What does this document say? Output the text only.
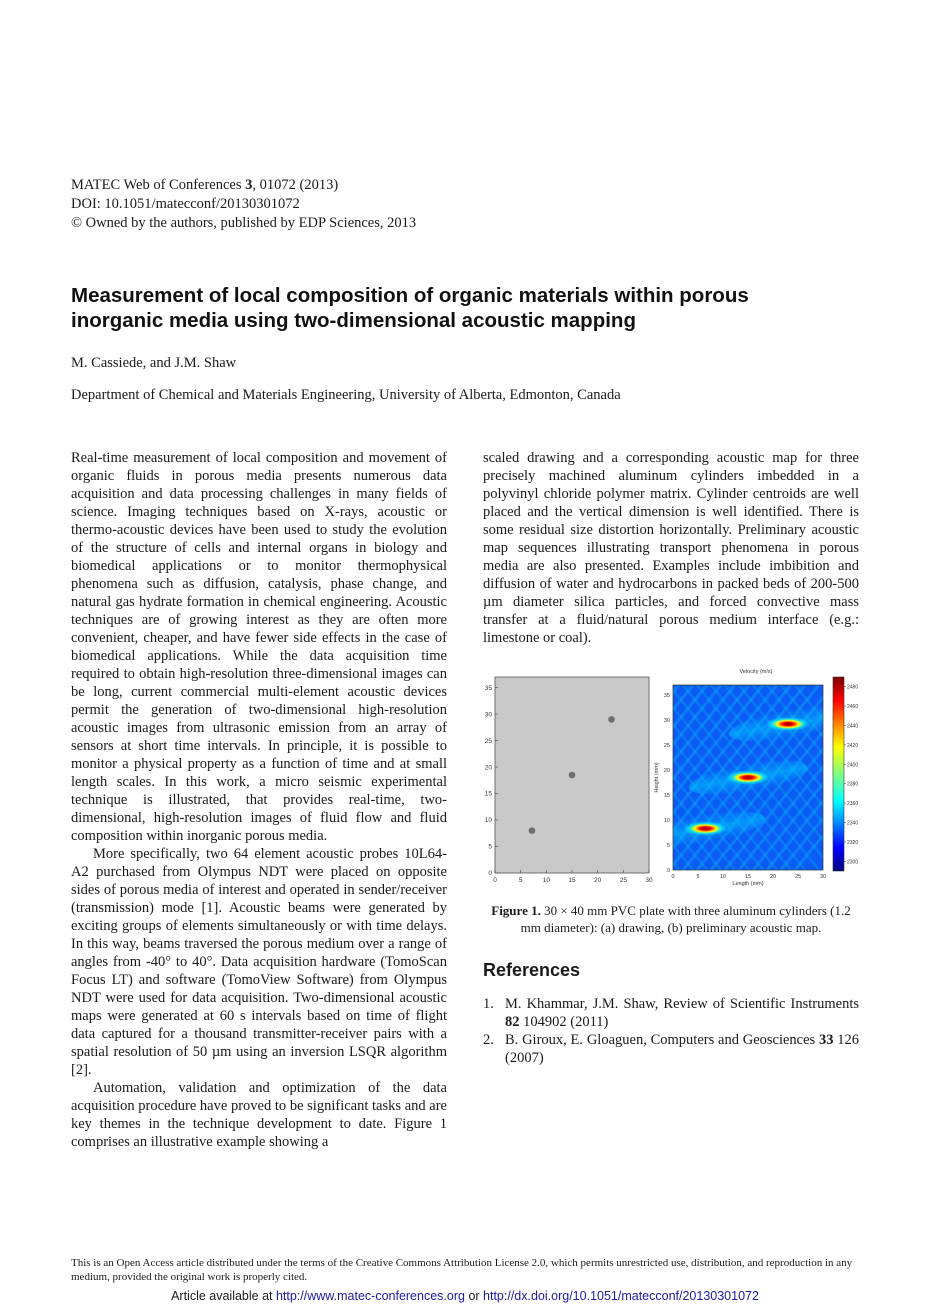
MATEC Web of Conferences 3, 01072 (2013)
DOI: 10.1051/matecconf/20130301072
© Owned by the authors, published by EDP Sciences, 2013
Measurement of local composition of organic materials within porous
inorganic media using two-dimensional acoustic mapping
M. Cassiede, and J.M. Shaw
Department of Chemical and Materials Engineering, University of Alberta, Edmonton, Canada

Real-time measurement of local composition and movement of organic fluids in porous media presents numerous data acquisition and data processing challenges in many fields of science. Imaging techniques based on X-rays, acoustic or thermo-acoustic devices have been used to study the evolution of the structure of cells and internal organs in biology and biomedical applications or to monitor thermophysical phenomena such as diffusion, catalysis, phase change, and natural gas hydrate formation in chemical engineering. Acoustic techniques are of growing interest as they are often more convenient, cheaper, and have fewer side effects in the case of biomedical applications. While the data acquisition time required to obtain high-resolution three-dimensional images can be long, current commercial multi-element acoustic devices permit the generation of two-dimensional high-resolution acoustic images from ultrasonic emission from an array of sensors at short time intervals. In principle, it is possible to monitor a physical property as a function of time and at small length scales. In this work, a micro seismic experimental technique is illustrated, that provides real-time, two-dimensional, high-resolution images of fluid flow and fluid composition within inorganic porous media.

More specifically, two 64 element acoustic probes 10L64-A2 purchased from Olympus NDT were placed on opposite sides of porous media of interest and operated in sender/receiver (transmission) mode [1]. Acoustic beams were generated by exciting groups of elements simultaneously or with time delays. In this way, beams traversed the porous medium over a range of angles from -40° to 40°. Data acquisition hardware (TomoScan Focus LT) and software (TomoView Software) from Olympus NDT were used for data acquisition. Two-dimensional acoustic maps were generated at 60 s intervals based on time of flight data captured for a thousand transmitter-receiver pairs with a spatial resolution of 50 µm using an inversion LSQR algorithm [2].

Automation, validation and optimization of the data acquisition procedure have proved to be significant tasks and are key themes in the technique development to date. Figure 1 comprises an illustrative example showing a

scaled drawing and a corresponding acoustic map for three precisely machined aluminum cylinders imbedded in a polyvinyl chloride polymer matrix. Cylinder centroids are well placed and the vertical dimension is well identified. There is some residual size distortion horizontally. Preliminary acoustic map sequences illustrating transport phenomena in porous media are also presented. Examples include imbibition and diffusion of water and hydrocarbons in packed beds of 200-500 µm diameter silica particles, and forced convective mass transfer at a fluid/natural porous medium interface (e.g.: limestone or coal).

0	5	10	15	20	25	30
0
5
10
15
20
25
30
35
0	5	10	15	20	25	30
0
5
10
15
20
25
30
35
Velocity (m/s)
Length (mm)
Height (mm)
2300
2320
2340
2360
2380
2400
2420
2440
2460
2480
Figure 1. 30 × 40 mm PVC plate with three aluminum cylinders (1.2 mm diameter): (a) drawing, (b) preliminary acoustic map.
References
1. M. Khammar, J.M. Shaw, Review of Scientific Instruments 82 104902 (2011)
2. B. Giroux, E. Gloaguen, Computers and Geosciences 33 126 (2007)
This is an Open Access article distributed under the terms of the Creative Commons Attribution License 2.0, which permits unrestricted use, distribution, and reproduction in any medium, provided the original work is properly cited.
Article available at http://www.matec-conferences.org or http://dx.doi.org/10.1051/matecconf/20130301072
